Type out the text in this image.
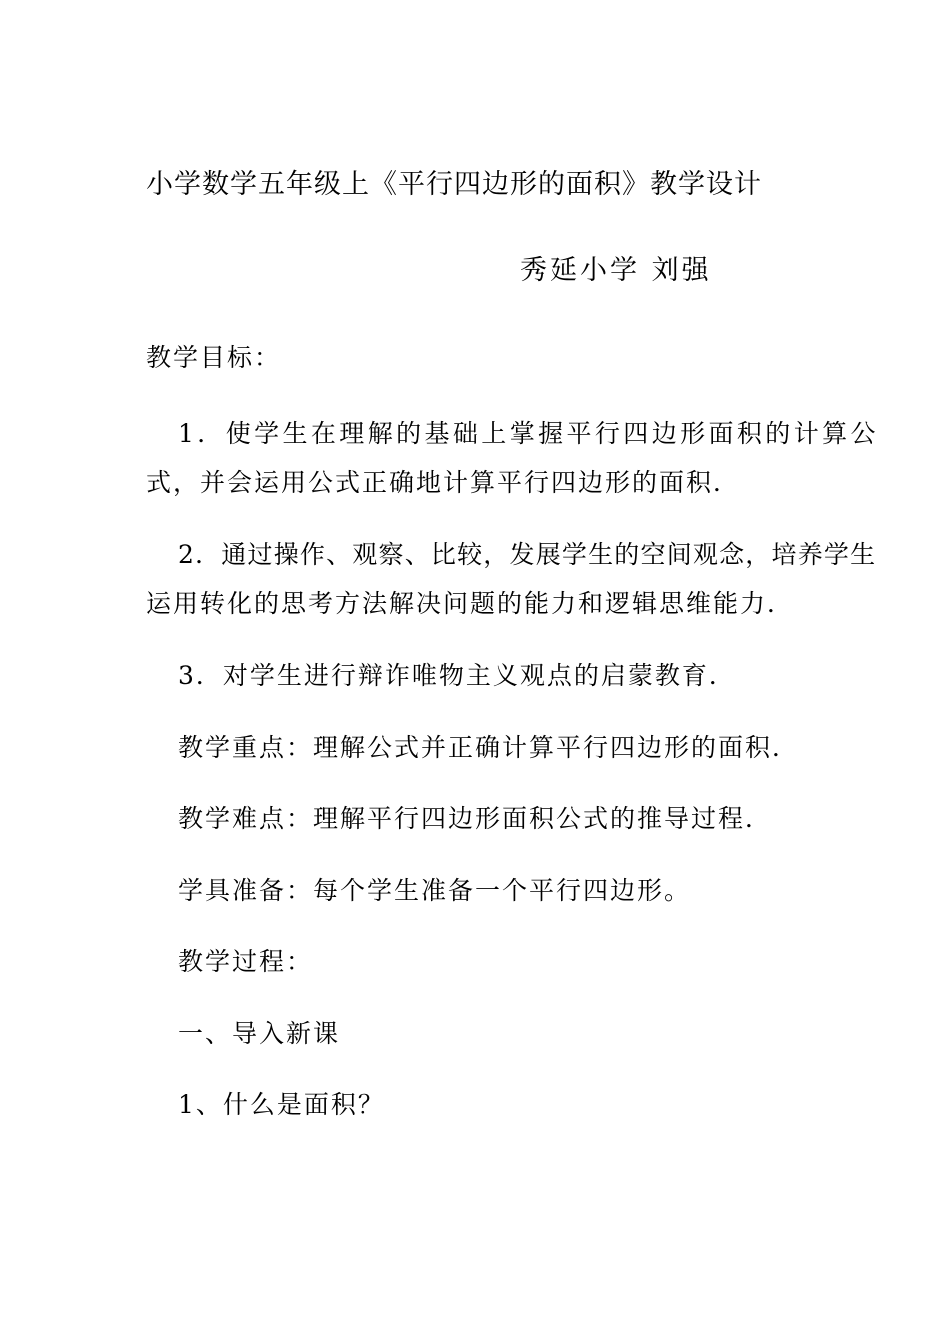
小学数学五年级上《平行四边形的面积》教学设计
秀延小学 刘强
教学目标：
1．使学生在理解的基础上掌握平行四边形面积的计算公
式，并会运用公式正确地计算平行四边形的面积．
2．通过操作、观察、比较，发展学生的空间观念，培养学生
运用转化的思考方法解决问题的能力和逻辑思维能力．
3．对学生进行辩诈唯物主义观点的启蒙教育．
教学重点：理解公式并正确计算平行四边形的面积．
教学难点：理解平行四边形面积公式的推导过程．
学具准备：每个学生准备一个平行四边形。
教学过程：
一、导入新课
1、什么是面积？
